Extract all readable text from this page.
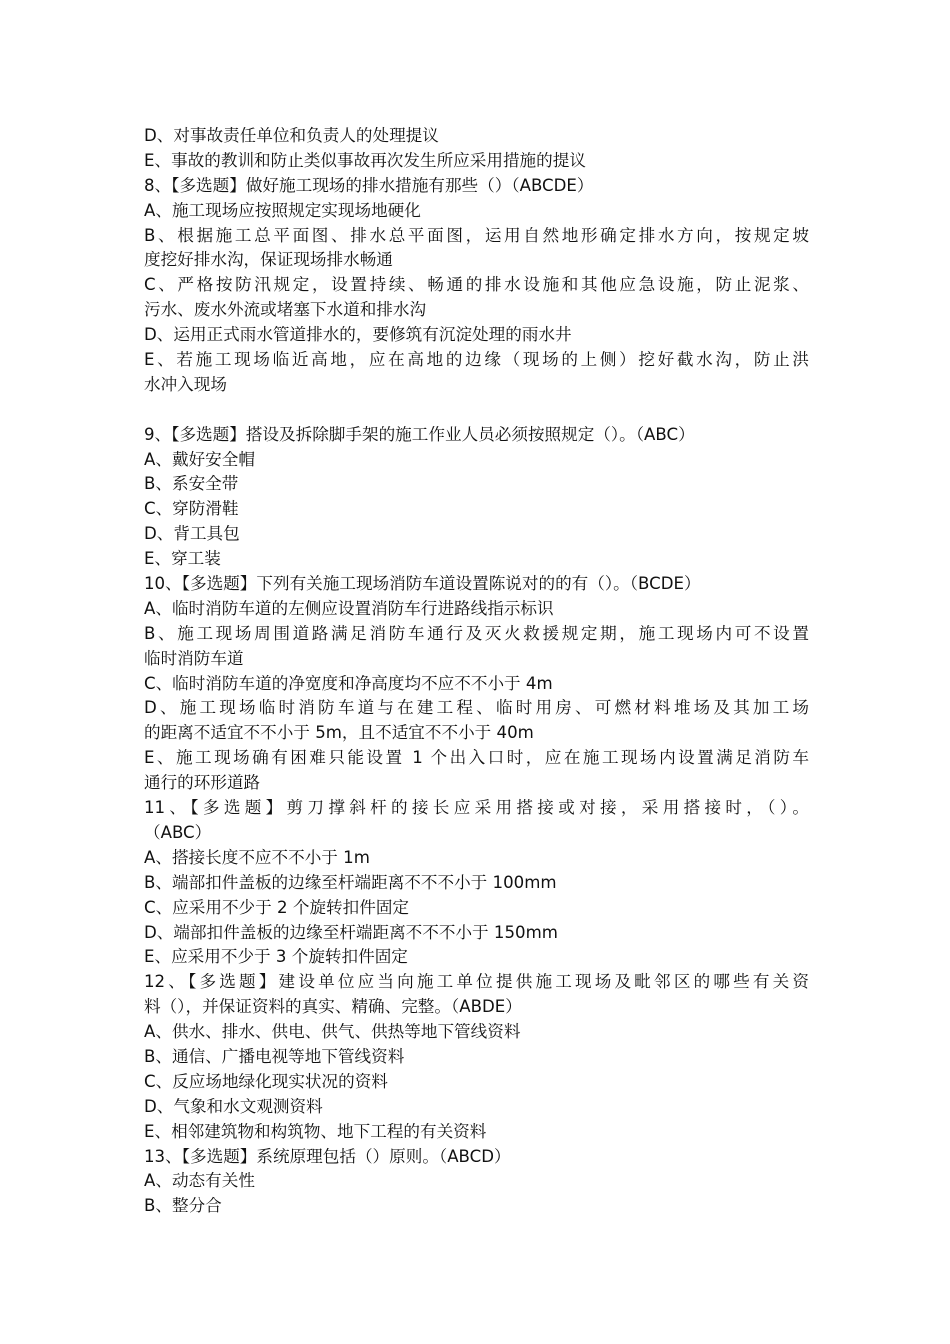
D、对事故责任单位和负责人的处理提议
E、事故的教训和防止类似事故再次发生所应采用措施的提议
8、【多选题】做好施工现场的排水措施有那些（）（ABCDE）
A、施工现场应按照规定实现场地硬化
B、根据施工总平面图、排水总平面图，运用自然地形确定排水方向，按规定坡
度挖好排水沟，保证现场排水畅通
C、严格按防汛规定，设置持续、畅通的排水设施和其他应急设施，防止泥浆、
污水、废水外流或堵塞下水道和排水沟
D、运用正式雨水管道排水的，要修筑有沉淀处理的雨水井
E、若施工现场临近高地，应在高地的边缘（现场的上侧）挖好截水沟，防止洪
水冲入现场
9、【多选题】搭设及拆除脚手架的施工作业人员必须按照规定（）。（ABC）
A、戴好安全帽
B、系安全带
C、穿防滑鞋
D、背工具包
E、穿工装
10、【多选题】下列有关施工现场消防车道设置陈说对的的有（）。（BCDE）
A、临时消防车道的左侧应设置消防车行进路线指示标识
B、施工现场周围道路满足消防车通行及灭火救援规定期，施工现场内可不设置
临时消防车道
C、临时消防车道的净宽度和净高度均不应不不小于 4m
D、施工现场临时消防车道与在建工程、临时用房、可燃材料堆场及其加工场
的距离不适宜不不小于 5m，且不适宜不不小于 40m
E、施工现场确有困难只能设置 1 个出入口时，应在施工现场内设置满足消防车
通行的环形道路
11、【多选题】剪刀撑斜杆的接长应采用搭接或对接，采用搭接时，（）。
（ABC）
A、搭接长度不应不不小于 1m
B、端部扣件盖板的边缘至杆端距离不不不小于 100mm
C、应采用不少于 2 个旋转扣件固定
D、端部扣件盖板的边缘至杆端距离不不不小于 150mm
E、应采用不少于 3 个旋转扣件固定
12、【多选题】建设单位应当向施工单位提供施工现场及毗邻区的哪些有关资
料（），并保证资料的真实、精确、完整。（ABDE）
A、供水、排水、供电、供气、供热等地下管线资料
B、通信、广播电视等地下管线资料
C、反应场地绿化现实状况的资料
D、气象和水文观测资料
E、相邻建筑物和构筑物、地下工程的有关资料
13、【多选题】系统原理包括（）原则。（ABCD）
A、动态有关性
B、整分合
